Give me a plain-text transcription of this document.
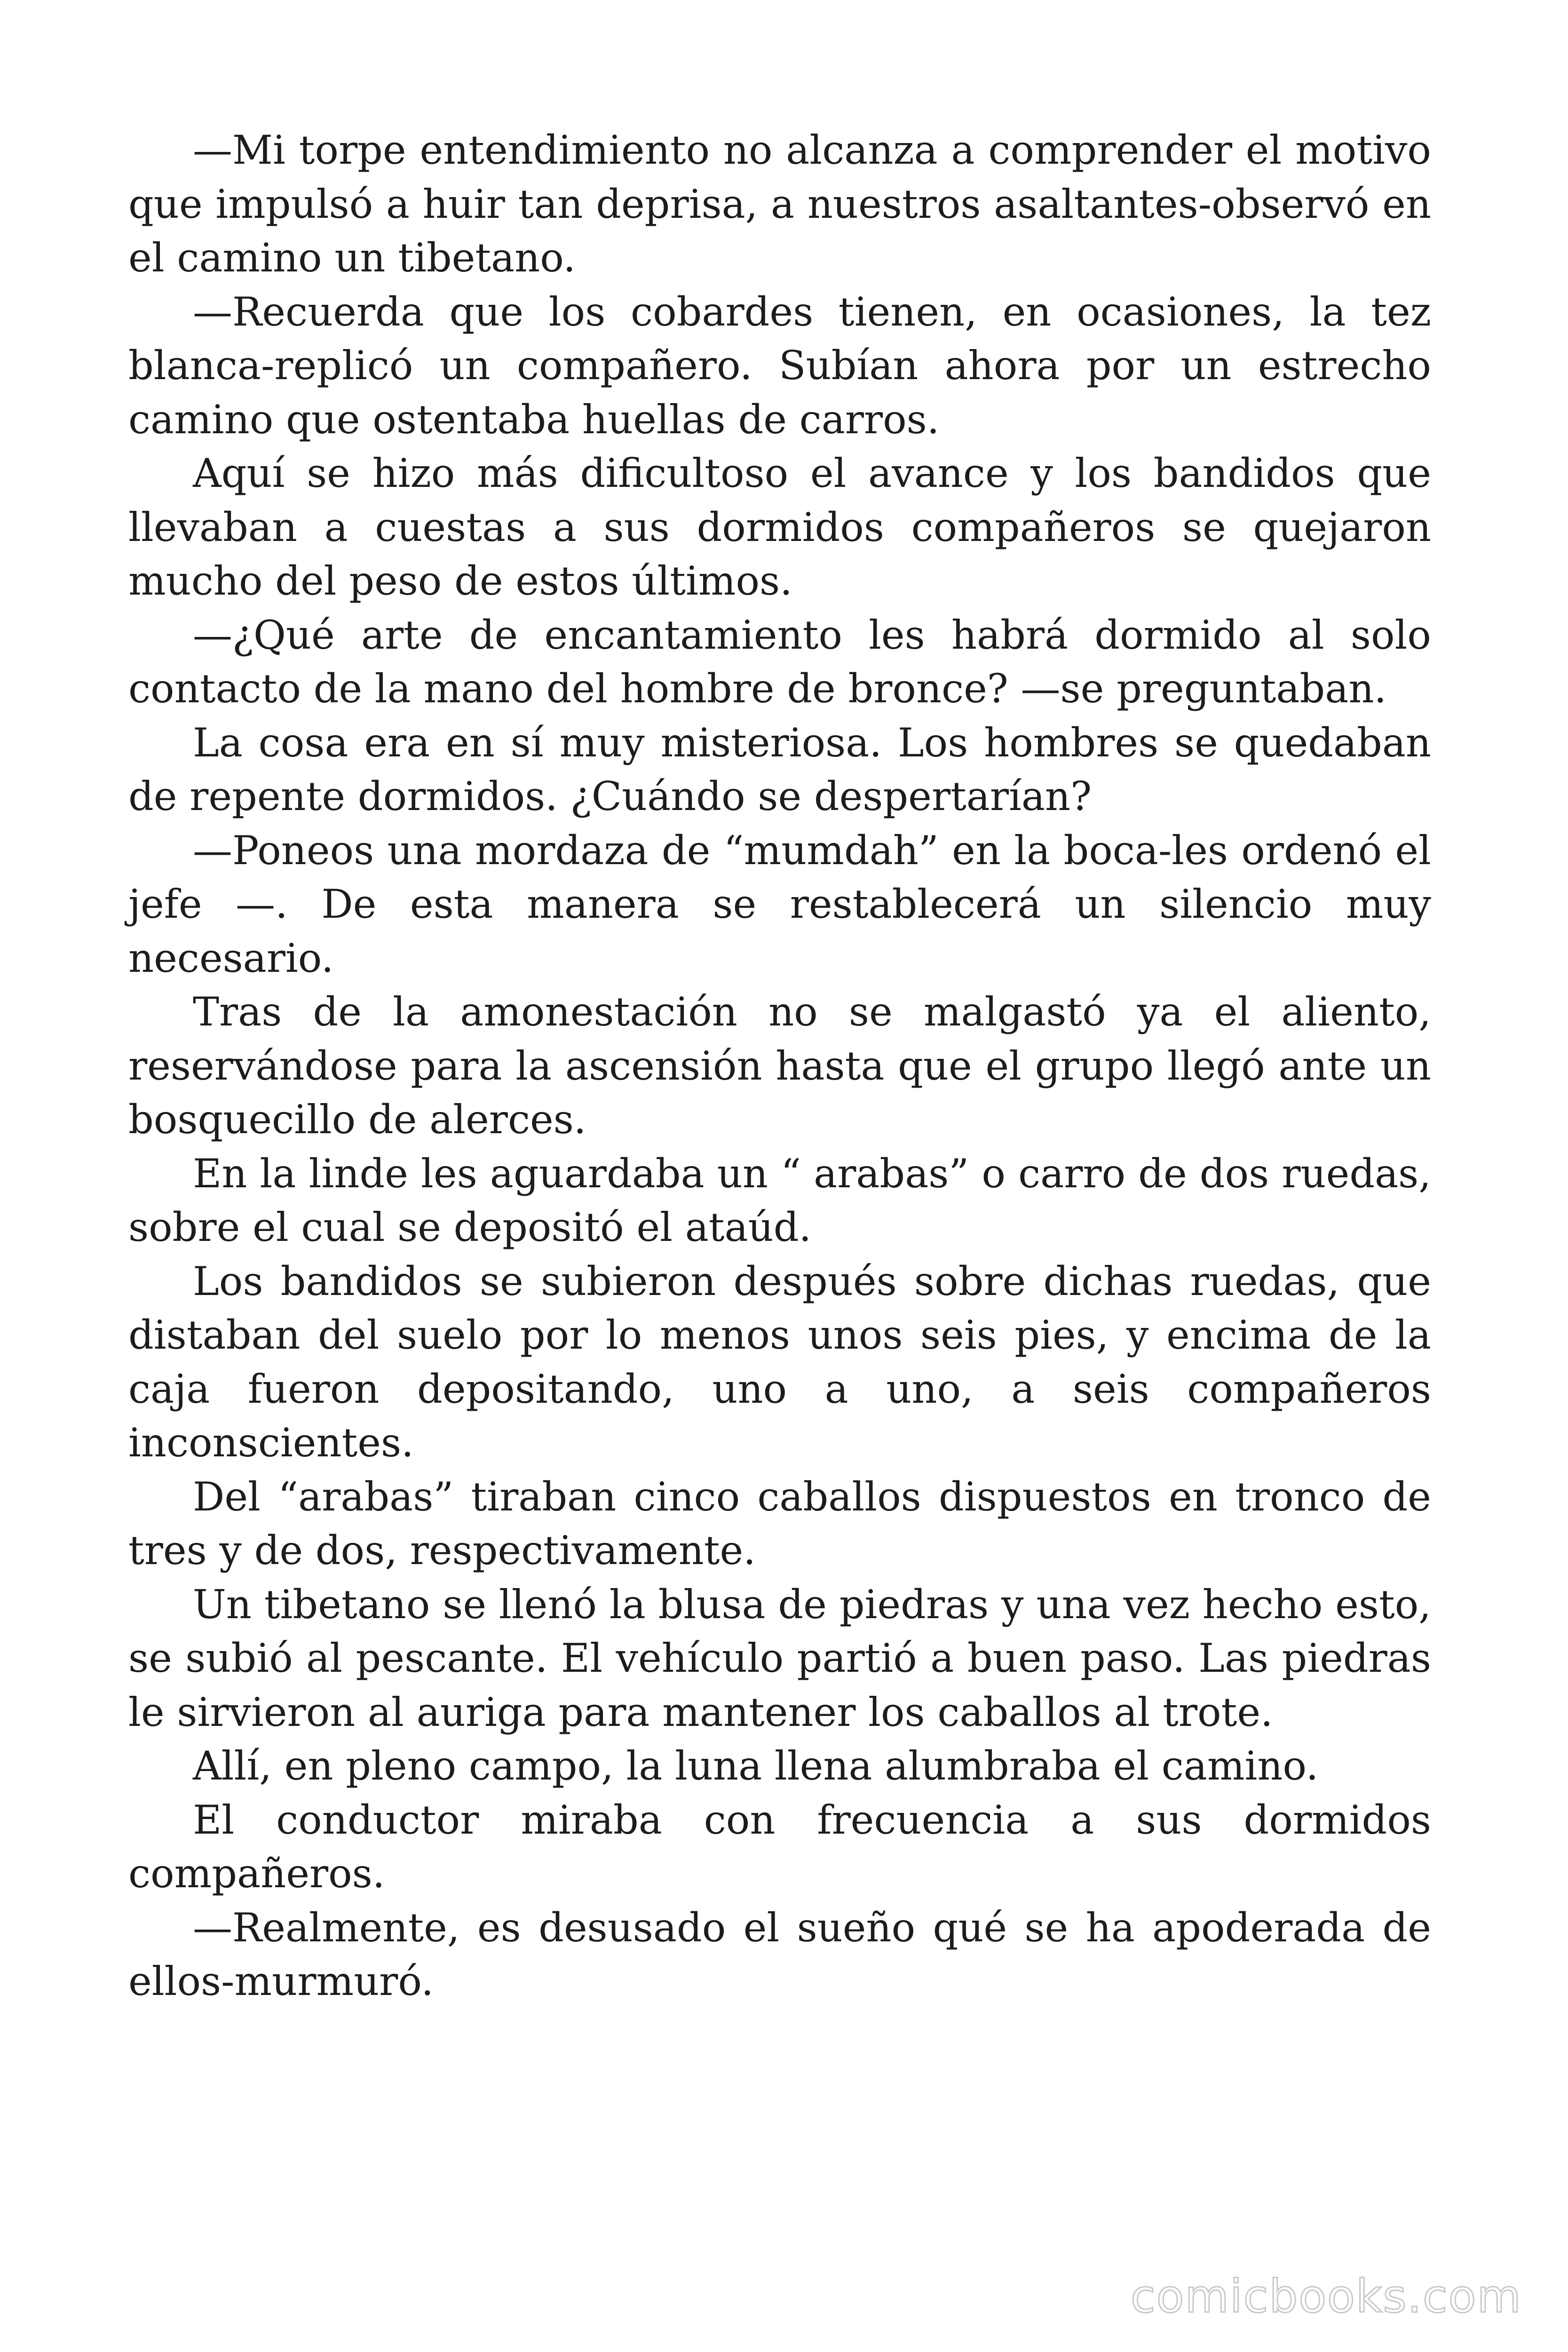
—Mi torpe entendimiento no alcanza a comprender el motivo que impulsó a huir tan deprisa, a nuestros asaltantes-observó en el camino un tibetano.

—Recuerda que los cobardes tienen, en ocasiones, la tez blanca-replicó un compañero. Subían ahora por un estrecho camino que ostentaba huellas de carros.

Aquí se hizo más dificultoso el avance y los bandidos que llevaban a cuestas a sus dormidos compañeros se quejaron mucho del peso de estos últimos.

—¿Qué arte de encantamiento les habrá dormido al solo contacto de la mano del hombre de bronce? —se preguntaban.

La cosa era en sí muy misteriosa. Los hombres se quedaban de repente dormidos. ¿Cuándo se despertarían?

—Poneos una mordaza de “mumdah” en la boca-les ordenó el jefe —. De esta manera se restablecerá un silencio muy necesario.

Tras de la amonestación no se malgastó ya el aliento, reservándose para la ascensión hasta que el grupo llegó ante un bosquecillo de alerces.

En la linde les aguardaba un “ arabas” o carro de dos ruedas, sobre el cual se depositó el ataúd.

Los bandidos se subieron después sobre dichas ruedas, que distaban del suelo por lo menos unos seis pies, y encima de la caja fueron depositando, uno a uno, a seis compañeros inconscientes.

Del “arabas” tiraban cinco caballos dispuestos en tronco de tres y de dos, respectivamente.

Un tibetano se llenó la blusa de piedras y una vez hecho esto, se subió al pescante. El vehículo partió a buen paso. Las piedras le sirvieron al auriga para mantener los caballos al trote.

Allí, en pleno campo, la luna llena alumbraba el camino.

El conductor miraba con frecuencia a sus dormidos compañeros.

—Realmente, es desusado el sueño qué se ha apoderada de ellos-murmuró.

comicbooks.com
